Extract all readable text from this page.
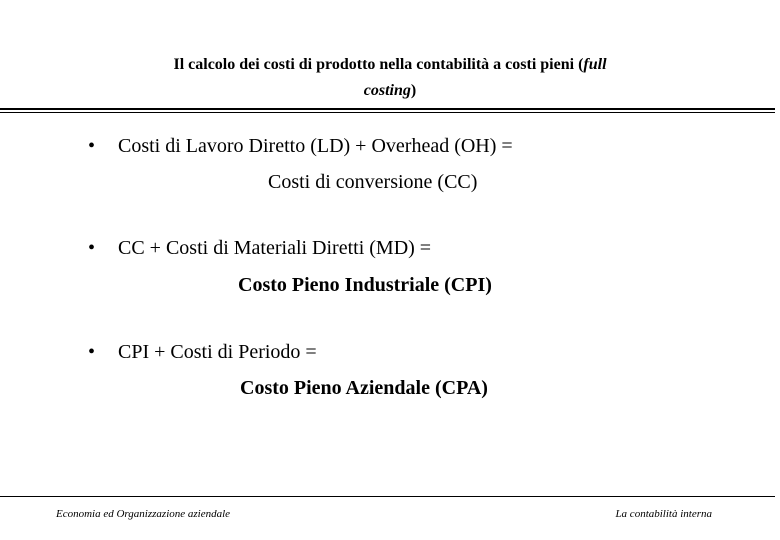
Il calcolo dei costi di prodotto nella contabilità a costi pieni (full
costing)
• Costi di Lavoro Diretto (LD) + Overhead (OH) =
Costi di conversione (CC)
• CC + Costi di Materiali Diretti (MD) =
Costo Pieno Industriale (CPI)
• CPI + Costi di Periodo =
Costo Pieno Aziendale (CPA)
Economia ed Organizzazione aziendale	La contabilità interna
